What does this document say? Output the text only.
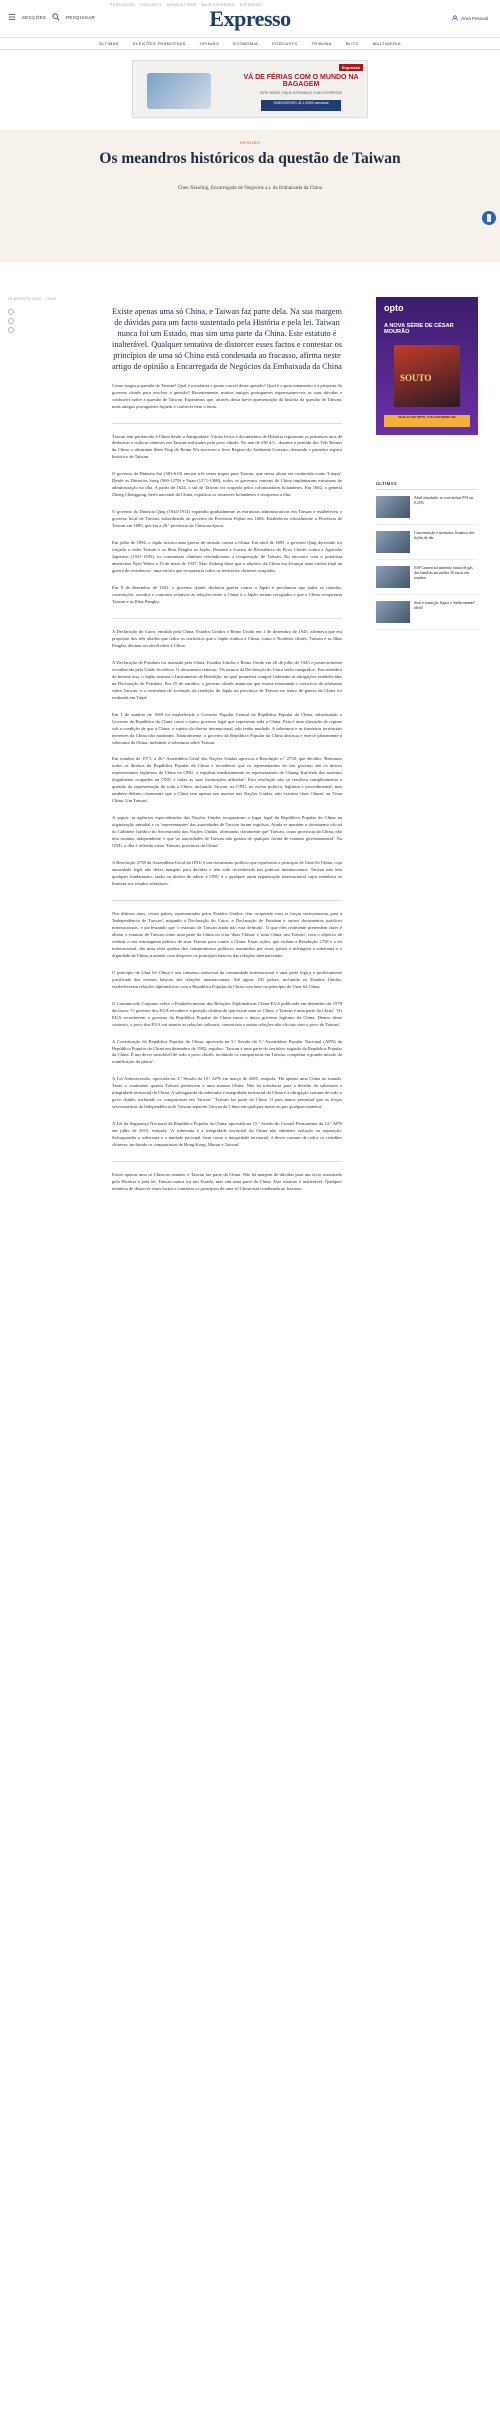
SECÇÕES	PESQUISAR
PORTUGUÊS PODCASTS NEWSLETTERS MAIS EXPRESSO EXPRESSO
Expresso	Área Pessoal
ÚLTIMAS	ELEIÇÕES FRANCESAS	OPINIÃO	ECONOMIA	PODCASTS	TRIBUNA	BLITZ	MULTIMEDIA
Expresso
VÁ DE FÉRIAS COM O MUNDO NA BAGAGEM
ESTE VERÃO, FIQUE INFORMADO COM O EXPRESSO
SUBSCREVER JÁ 1,00€/3 semanas
OPINIÃO
Os meandros históricos da questão de Taiwan
Chen Xiaoling, Encarregada de Negócios a.i. da Embaixada da China
24 AGOSTO 2022 · 19:59
Existe apenas uma só China, e Taiwan faz parte dela. Na sua margem de dúvidas para um facto sustentado pela História e pela lei. Taiwan nunca foi um Estado, mas sim uma parte da China. Este estatuto é inalterável. Qualquer tentativa de distorcer esses factos e contestar os princípios de uma só China está condenada ao fracasso, afirma neste artigo de opinião a Encarregada de Negócios da Embaixada da China
Como surgiu a questão de Taiwan? Qual é a essência e ponto crucial desta questão? Qual é o posicionamento e a proposta do governo chinês para resolver a questão? Recentemente, muitos amigos portugueses expressaram-nos as suas dúvidas e confusões sobre a questão de Taiwan. Esperamos que, através desta breve apresentação da história da questão de Taiwan, mais amigos portugueses fiquem a conhecer bem o tema.
Taiwan tem pertencido à China desde a Antiguidade. Várias livros e documentos de História registaram os primeiros atos de desbravar e cultivar chineses em Taiwan realizados pelo povo chinês. No ano de 230 d.C., durante o período dos Três Reinos da China, o almirante Shen Ying do Reino Wu escreveu o livro Registo do Ambiente Costeiro, deixando o primeiro registo histórico de Taiwan.
O governo da Dinastia Sui (581-618) enviou três vezes tropas para Taiwan, que nessa altura era conhecida como 'Liuqiu'. Desde as Dinastias Song (960-1279) e Yuan (1271-1368), todos os governos centrais da China implantaram estruturas de administração na ilha. A partir de 1624, o sul de Taiwan foi ocupado pelos colonizadores holandeses. Em 1662, o general Zheng Chenggong, herói nacional da China, expulsou os invasores holandeses e recuperou a ilha.
O governo da Dinastia Qing (1644-1912) expandiu gradualmente as estruturas administrativas em Taiwan e estabeleceu o governo local de Taiwan, subordinado ao governo da Província Fujian em 1684. Estabeleceu oficialmente a Província de Taiwan em 1885, que era a 20.ª província da China na época.
Em julho de 1894, o Japão iniciou uma guerra de invasão contra a China. Em abril de 1895, o governo Qing derrotado foi forçado a ceder Taiwan e as Ilhas Penghu ao Japão. Durante a Guerra de Resistência do Povo Chinês contra a Agressão Japonesa (1931-1945), os comunistas chineses reivindicaram a recuperação de Taiwan. No encontro com o jornalista americano Nym Wales a 15 de maio de 1937, Mao Zedong disse que o objetivo da China era alcançar uma vitória final na guerra de resistência - uma vitória que recuperaria todos os territórios chineses ocupados.
Em 9 de dezembro de 1941, o governo chinês declarou guerra contra o Japão e proclamou que todos os tratados, convenções, acordos e contratos relativos às relações entre a China e o Japão seriam revogados e que a China recuperaria Taiwan e as Ilhas Penghu.
A Declaração do Cairo, emitida pela China, Estados Unidos e Reino Unido em 1 de dezembro de 1943, afirmava que era propósito dos três aliados que todos os territórios que o Japão roubou à China, como o Nordeste chinês, Taiwan e as Ilhas Penghu, deviam ser devolvidos à China.
A Declaração de Potsdam foi assinada pela China, Estados Unidos e Reino Unido em 26 de julho de 1945 e posteriormente reconhecida pela União Soviética. O documento reiterou: 'Os termos da Declaração do Cairo serão cumpridos'. Em setembro do mesmo ano, o Japão assinou o Instrumento de Rendição, no qual prometeu cumprir fielmente as obrigações estabelecidas na Declaração de Potsdam. Em 25 de outubro, o governo chinês anunciou que estava retomando o exercício da soberania sobre Taiwan, e a cerimónia de aceitação da rendição do Japão na província de Taiwan no teatro de guerra da China foi realizada em Taipé.
Em 1 de outubro de 1949 foi estabelecido o Governo Popular Central da República Popular da China, substituindo o Governo da República da China como o único governo legal que representa toda a China. Esta é uma alteração de regime sob a condição de que a China, o sujeito do direito internacional, não tenha mudado. A soberania e as fronteiras territoriais inerentes da China não mudaram. Naturalmente, o governo da República Popular da China desfruta e exerce plenamente a soberania da China, incluindo a soberania sobre Taiwan.
Em outubro de 1971, a 26.ª Assembleia Geral das Nações Unidas aprovou a Resolução n.º 2758, que decidiu: 'Restaurar todos os direitos da República Popular da China e reconhecer que os representantes do seu governo são os únicos representantes legítimos da China na ONU, e expulsar imediatamente os representantes de Chiang Kai-shek dos assentos ilegalmente ocupados na ONU e todas as suas instituições afiliadas'. Esta resolução não só resolveu completamente a questão da representação de toda a China, incluindo Taiwan, na ONU, na esfera política, legítima e procedimental, mas também definiu claramente que a China tem apenas um assento nas Nações Unidas, não existem 'duas Chinas' ou 'Uma China, Um Taiwan'.
A seguir, as agências especializadas das Nações Unidas recuperaram o lugar legal da República Popular da China na organização mundial e os 'representantes' das autoridades de Taiwan foram expulsos. Ainda se mantém o documento oficial do Gabinete Jurídico do Secretariado das Nações Unidas, afirmando claramente que 'Taiwan, como província da China, não tem estatuto independente' e que 'as autoridades de Taiwan não gozam de qualquer forma de estatuto governamental'. Na ONU, a ilha é referida como 'Taiwan, província da China'.
A Resolução 2758 da Assembleia Geral da ONU é um documento político que representa o princípio de Uma Só China, cuja autoridade legal não deixa margem para dúvidas e tem sido reconhecida nas práticas internacionais. Taiwan não tem qualquer fundamento, razão ou direito de aderir à ONU e a qualquer outra organização internacional cujos membros se limitem aos estados soberanos.
Nos últimos anos, certos países, representados pelos Estados Unidos, têm cooperado com as forças secessionistas para a 'Independência de Taiwan', negando a Declaração do Cairo, a Declaração de Potsdam e outros documentos jurídicos internacionais, e professando que 'o estatuto de Taiwan ainda não está definido'. O que eles realmente pretendem fazer é alterar o estatuto de Taiwan como uma parte da China ou criar 'duas Chinas' e 'uma China, um Taiwan', com o objetivo de realizar o seu estratagema político de usar Taiwan para conter a China. Essas ações, que violam a Resolução 2758 e a lei internacional, são uma séria quebra dos compromissos políticos assumidos por esses países e infringem a soberania e a dignidade da China, trazendo com desprezo os princípios básicos das relações internacionais.
O princípio de Uma Só China é um consenso universal da comunidade internacional e uma parte lógica e juridicamente justificada das normas básicas das relações internacionais. Até agora, 181 países, incluindo os Estados Unidos, estabeleceram relações diplomáticas com a República Popular da China com base no princípio de Uma Só China.
O Comunicado Conjunto sobre o Estabelecimento das Relações Diplomáticas China-EUA publicado em dezembro de 1978 declarou: 'O governo dos EUA reconhece a posição chinesa de que existe uma só China, e Taiwan é uma parte da China'. 'Os EUA reconhecem o governo da República Popular da China como o único governo legítimo da China. Dentro deste contexto, o povo dos EUA vai manter as relações culturais, comerciais e outras relações não oficiais com o povo de Taiwan'.
A Constituição da República Popular da China, aprovada na 5.ª Sessão da 5.ª Assembleia Popular Nacional (APN) da República Popular da China em dezembro de 1982, regulou: 'Taiwan é uma parte do território sagrado da República Popular da China. É um dever inviolável de todo o povo chinês, incluindo os compatriotas em Taiwan, completar a grande missão da reunificação da pátria'.
A Lei Antissecessão, aprovada na 3.ª Sessão da 10.ª APN em março de 2005, estipula: 'Há apenas uma China no mundo. Tanto o continente quanto Taiwan pertencem a uma mesma China. Não há tolerância para a divisão da soberania e integridade territorial da China. A salvaguarda da soberania e integridade territorial da China é a obrigação comum de todo o povo chinês, incluindo os compatriotas em Taiwan.' 'Taiwan faz parte da China. O país nunca permitirá que as forças secessionistas da Independência de Taiwan separem Taiwan da China em qualquer nome ou por qualquer maneira'.
A Lei da Segurança Nacional da República Popular da China, aprovada na 15.ª Sessão do Comitê Permanente da 12.ª APN em julho de 2015, estipula: 'A soberania e a integridade territorial da China não admitem violação ou separação. Salvaguardar a soberania e a unidade nacional, bem como a integridade territorial, é dever comum de todos os cidadãos chineses, incluindo os compatriotas de Hong Kong, Macau e Taiwan'.
Existe apenas uma só China no mundo, e Taiwan faz parte da China. Não há margem de dúvidas para um facto sustentado pela História e pela lei. Taiwan nunca foi um Estado, mas sim uma parte da China. Este estatuto é inalterável. Qualquer tentativa de distorcer esses factos e contestar os princípios de uma só China está condenada ao fracasso.
opto
A NOVA SÉRIE DE CÉSAR MOURÃO
SOUTO
VEJA JÁ NO OPTO, A PLATAFORMA SIC
ÚLTIMAS
Abril afundado: se com bolsas PSI cai 0,25%
Concentração e memória: listamos três lições de dar
ESP Comercial aumenta fatura de gás das famílias em média 30 euros em outubro
Será a transição lógica e 'medicamente' ideal?
